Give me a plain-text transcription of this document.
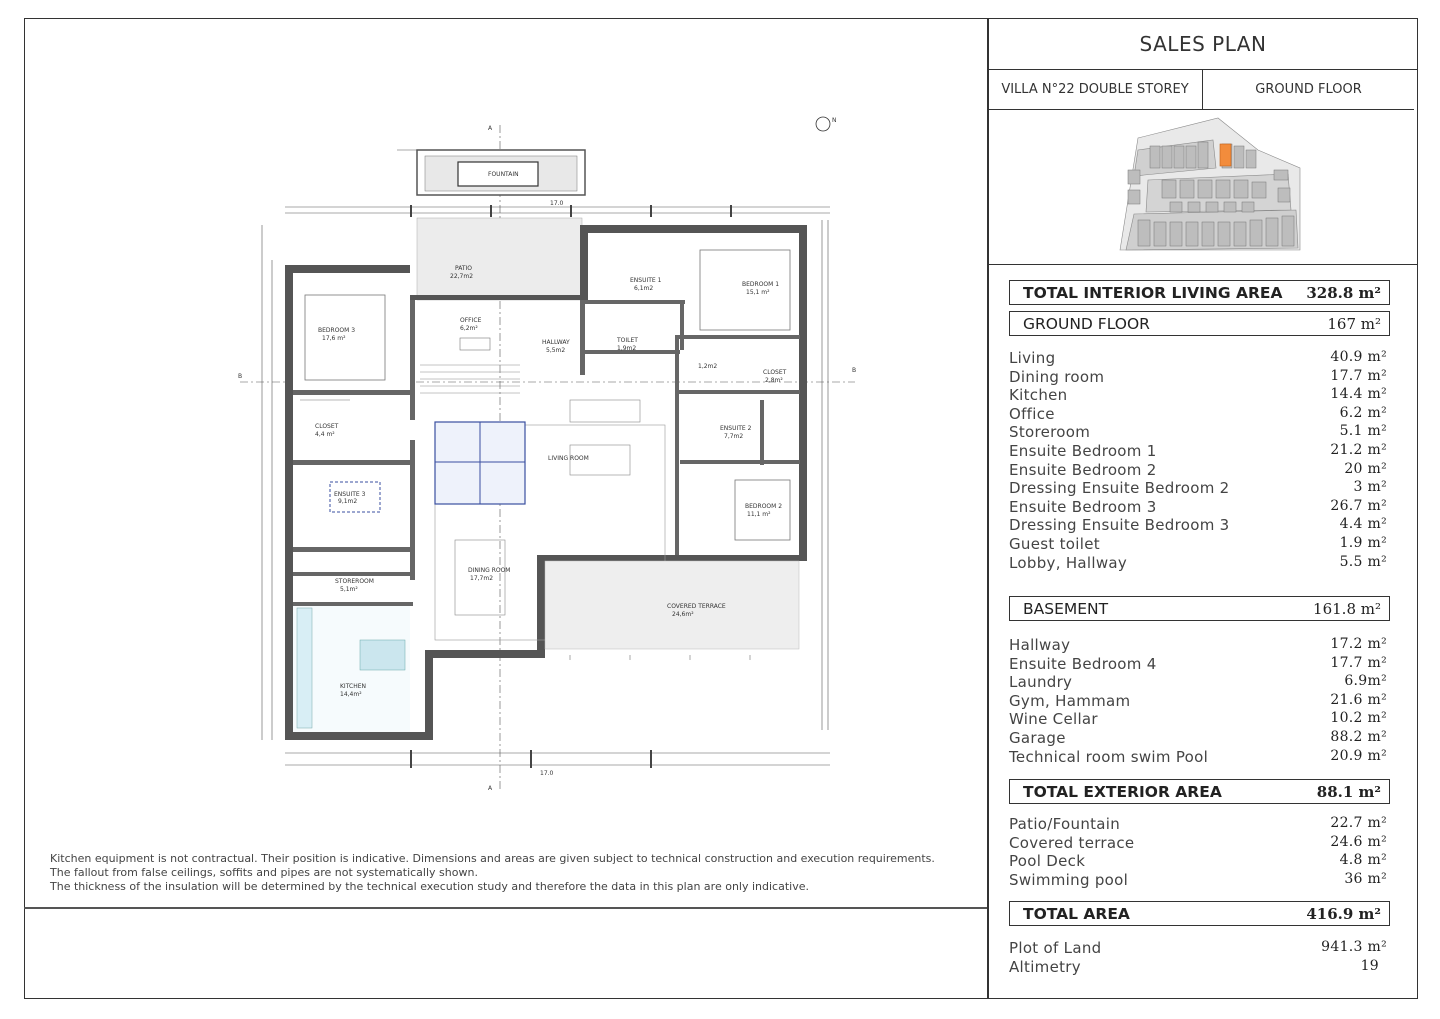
SALES PLAN
VILLA N°22 DOUBLE STOREY	GROUND FLOOR
TOTAL INTERIOR LIVING AREA 328.8 m²
GROUND FLOOR	167 m²
Living	40.9 m²
Dining room	17.7 m²
Kitchen	14.4 m²
Office	6.2 m²
Storeroom	5.1 m²
Ensuite Bedroom 1	21.2 m²
Ensuite Bedroom 2	20 m²
Dressing Ensuite Bedroom 2	3 m²
Ensuite Bedroom 3	26.7 m²
Dressing Ensuite Bedroom 3	4.4 m²
Guest toilet	1.9 m²
Lobby, Hallway	5.5 m²
BASEMENT	161.8 m²
Hallway	17.2 m²
Ensuite Bedroom 4	17.7 m²
Laundry	6.9m²
Gym, Hammam	21.6 m²
Wine Cellar	10.2 m²
Garage	88.2 m²
Technical room swim Pool	20.9 m²
TOTAL EXTERIOR AREA	88.1 m²
Patio/Fountain	22.7 m²
Covered terrace	24.6 m²
Pool Deck	4.8 m²
Swimming pool	36 m²
TOTAL AREA	416.9 m²
Plot of Land	941.3 m²
Altimetry	19
Kitchen equipment is not contractual. Their position is indicative. Dimensions and areas are given subject to technical construction and execution requirements.
The fallout from false ceilings, soffits and pipes are not systematically shown.
The thickness of the insulation will be determined by the technical execution study and therefore the data in this plan are only indicative.
17.0
17.0
A
A
B
B
N
FOUNTAIN
PATIO
22,7m2
BEDROOM 3
17,6 m²
CLOSET
4,4 m²
ENSUITE 3
9,1m2
STOREROOM
5,1m²
KITCHEN
14,4m²
OFFICE
6,2m²
HALLWAY
5,5m2
ENSUITE 1
6,1m2
TOILET
1,9m2
BEDROOM 1
15,1 m²
1,2m2
CLOSET
2,8m²
ENSUITE 2
7,7m2
BEDROOM 2
11,1 m²
LIVING ROOM
DINING ROOM
17,7m2
COVERED TERRACE
24,6m²
